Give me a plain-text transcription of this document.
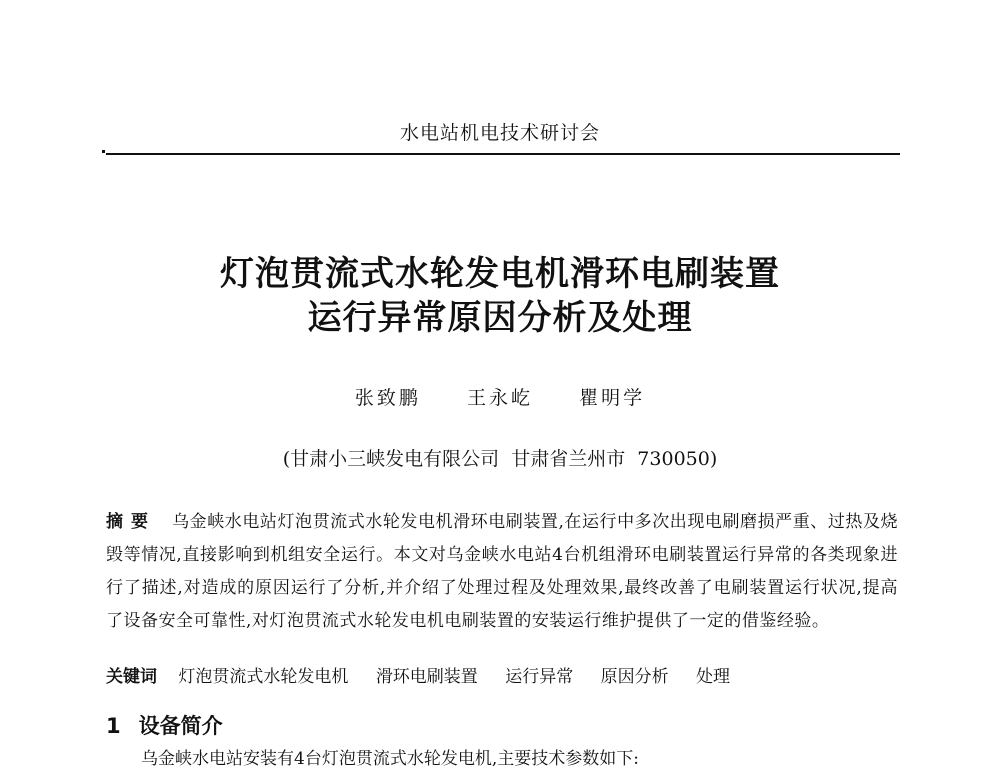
水电站机电技术研讨会
灯泡贯流式水轮发电机滑环电刷装置
运行异常原因分析及处理
张致鹏  王永屹  瞿明学
(甘肃小三峡发电有限公司  甘肃省兰州市  730050)
摘要 乌金峡水电站灯泡贯流式水轮发电机滑环电刷装置,在运行中多次出现电刷磨损严重、过热及烧毁等情况,直接影响到机组安全运行。本文对乌金峡水电站4台机组滑环电刷装置运行异常的各类现象进行了描述,对造成的原因运行了分析,并介绍了处理过程及处理效果,最终改善了电刷装置运行状况,提高了设备安全可靠性,对灯泡贯流式水轮发电机电刷装置的安装运行维护提供了一定的借鉴经验。
关键词 灯泡贯流式水轮发电机 滑环电刷装置 运行异常 原因分析 处理
1 设备简介
乌金峡水电站安装有4台灯泡贯流式水轮发电机,主要技术参数如下:
